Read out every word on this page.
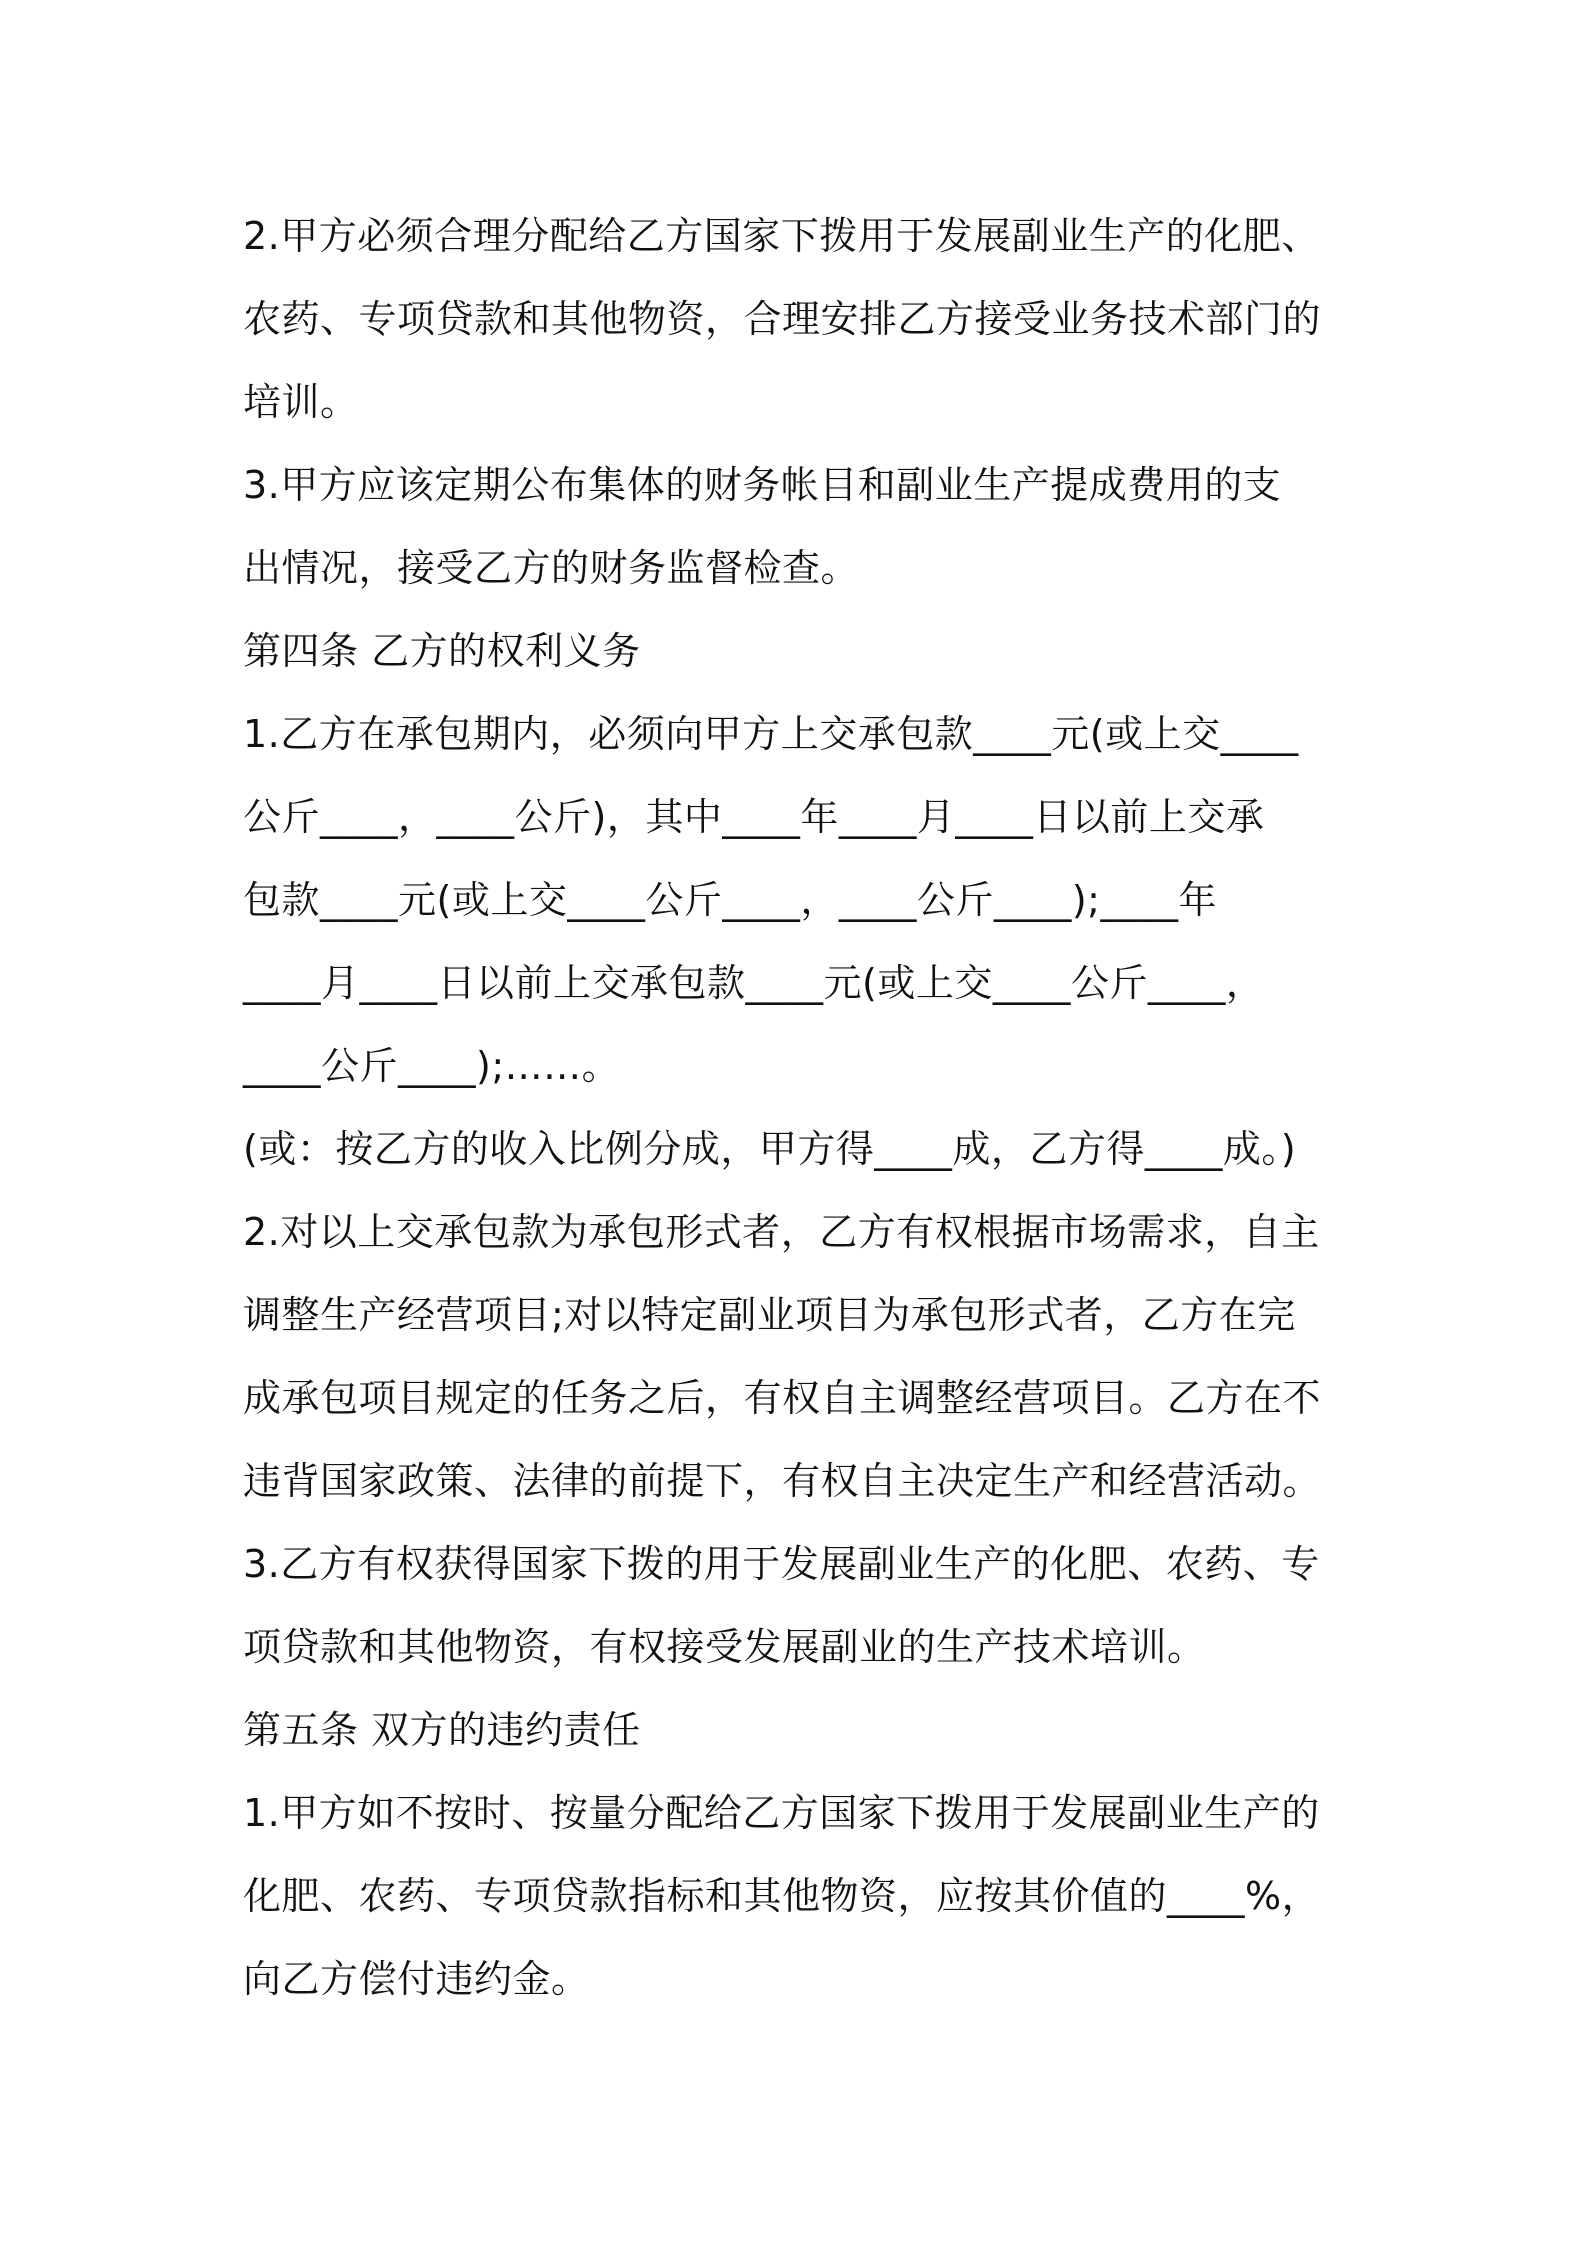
2.甲方必须合理分配给乙方国家下拨用于发展副业生产的化肥、
农药、专项贷款和其他物资，合理安排乙方接受业务技术部门的
培训。

3.甲方应该定期公布集体的财务帐目和副业生产提成费用的支
出情况，接受乙方的财务监督检查。

第四条 乙方的权利义务

1.乙方在承包期内，必须向甲方上交承包款____元(或上交____
公斤____，____公斤)，其中____年____月____日以前上交承
包款____元(或上交____公斤____，____公斤____);____年
____月____日以前上交承包款____元(或上交____公斤____，
____公斤____);……。

(或：按乙方的收入比例分成，甲方得____成，乙方得____成。)

2.对以上交承包款为承包形式者，乙方有权根据市场需求，自主
调整生产经营项目;对以特定副业项目为承包形式者，乙方在完
成承包项目规定的任务之后，有权自主调整经营项目。乙方在不
违背国家政策、法律的前提下，有权自主决定生产和经营活动。

3.乙方有权获得国家下拨的用于发展副业生产的化肥、农药、专
项贷款和其他物资，有权接受发展副业的生产技术培训。

第五条 双方的违约责任

1.甲方如不按时、按量分配给乙方国家下拨用于发展副业生产的
化肥、农药、专项贷款指标和其他物资，应按其价值的____%，
向乙方偿付违约金。
